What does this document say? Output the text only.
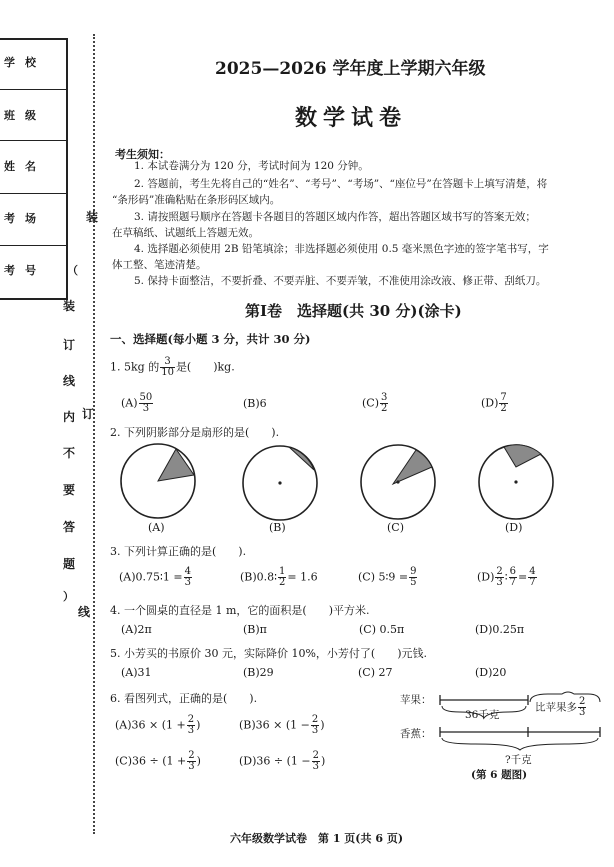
学校
班级
姓名
考场
考号
装
（
装
订
线
内 订
不
要
答
题
）
线
2025—2026 学年度上学期六年级
数学试卷
考生须知：
1. 本试卷满分为 120 分，考试时间为 120 分钟。
2. 答题前，考生先将自己的“姓名”、“考号”、“考场”、“座位号”在答题卡上填写清楚，将
“条形码”准确粘贴在条形码区域内。
3. 请按照题号顺序在答题卡各题目的答题区域内作答，超出答题区域书写的答案无效；
在草稿纸、试题纸上答题无效。
4. 选择题必须使用 2B 铅笔填涂；非选择题必须使用 0.5 毫米黑色字迹的签字笔书写，字
体工整、笔迹清楚。
5. 保持卡面整洁，不要折叠、不要弄脏、不要弄皱，不准使用涂改液、修正带、刮纸刀。
第Ⅰ卷　选择题(共 30 分)(涂卡)
一、选择题(每小题 3 分，共计 30 分)
1. 5kg 的 $\frac{3}{10}$ 是(　　)kg.
$(A) \frac{50}{3}$	(B)6	$(C) \frac{3}{2}$	$(D) \frac{7}{2}$
2. 下列阴影部分是扇形的是(　　).
(A)	(B)	(C)	(D)
3. 下列计算正确的是(　　).
(A)0.75∶1 = $\frac{4}{3}$	(B)0.8∶ $\frac{1}{2} = 1.6$	(C) 5∶9 = $\frac{9}{5}$	$(D) \frac{2}{3}$ ∶ $\frac{6}{7} = \frac{4}{7}$
4. 一个圆桌的直径是 1 m，它的面积是(　　)平方米.
(A)2π	(B)π	(C) 0.5π	(D)0.25π
5. 小芳买的书原价 30 元，实际降价 10%，小芳付了(　　)元钱.
(A)31	(B)29	(C) 27	(D)20
6. 看图列式，正确的是(　　).
$(A)36 \times (1 + \frac{2}{3}$ )	$(B)36 \times (1 - \frac{2}{3}$ )
$(C)36 \div (1 + \frac{2}{3}$ )	$(D)36 \div (1 - \frac{2}{3}$ )
苹果：
香蕉：
36千克
比苹果多 $\frac{2}{3}$
?千克
(第 6 题图)
六年级数学试卷　第 1 页(共 6 页)
